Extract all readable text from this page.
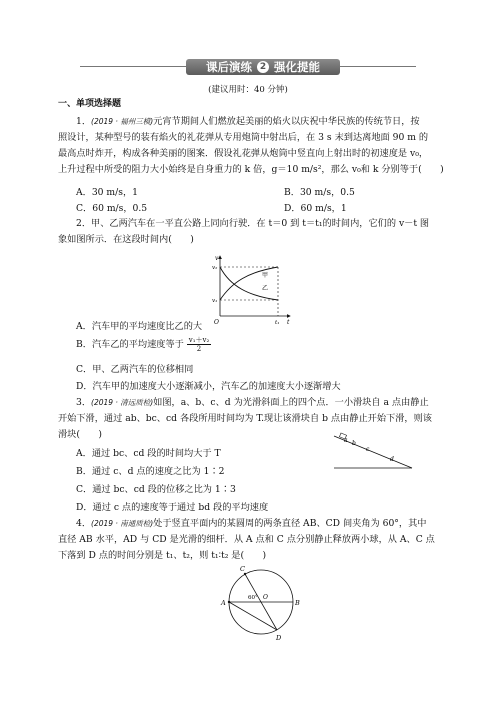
课后演练 2 强化提能
(建议用时：40 分钟)
一、单项选择题
1．(2019 · 福州三模)元宵节期间人们燃放起美丽的焰火以庆祝中华民族的传统节日，按
照设计，某种型号的装有焰火的礼花弹从专用炮筒中射出后，在 3 s 末到达离地面 90 m 的
最高点时炸开，构成各种美丽的图案．假设礼花弹从炮筒中竖直向上射出时的初速度是 v₀，
上升过程中所受的阻力大小始终是自身重力的 k 倍，g＝10 m/s²，那么 v₀和 k 分别等于(　　)
A．30 m/s，1	B．30 m/s，0.5
C．60 m/s，0.5	D．60 m/s，1
2．甲、乙两汽车在一平直公路上同向行驶．在 t＝0 到 t＝t₁的时间内，它们的 v－t 图
象如图所示．在这段时间内(　　)
v
v₂
v₁
O	t₁ t
甲
乙
A．汽车甲的平均速度比乙的大
B．汽车乙的平均速度等于 $\frac{\text{v₁＋v₂}}{2}$
C．甲、乙两汽车的位移相同
D．汽车甲的加速度大小逐渐减小，汽车乙的加速度大小逐渐增大
3．(2019 · 清远质检)如图，a、b、c、d 为光滑斜面上的四个点．一小滑块自 a 点由静止
开始下滑，通过 ab、bc、cd 各段所用时间均为 T.现让该滑块自 b 点由静止开始下滑，则该
滑块(　　)
a b
c
d
A．通过 bc、cd 段的时间均大于 T
B．通过 c、d 点的速度之比为 1∶2
C．通过 bc、cd 段的位移之比为 1∶3
D．通过 c 点的速度等于通过 bd 段的平均速度
4．(2019 · 南通质检)处于竖直平面内的某圆周的两条直径 AB、CD 间夹角为 60°，其中
直径 AB 水平，AD 与 CD 是光滑的细杆．从 A 点和 C 点分别静止释放两小球，从 A、C 点
下落到 D 点的时间分别是 t₁、t₂，则 t₁∶t₂ 是(　　)
C
A	B
D
O
60°
